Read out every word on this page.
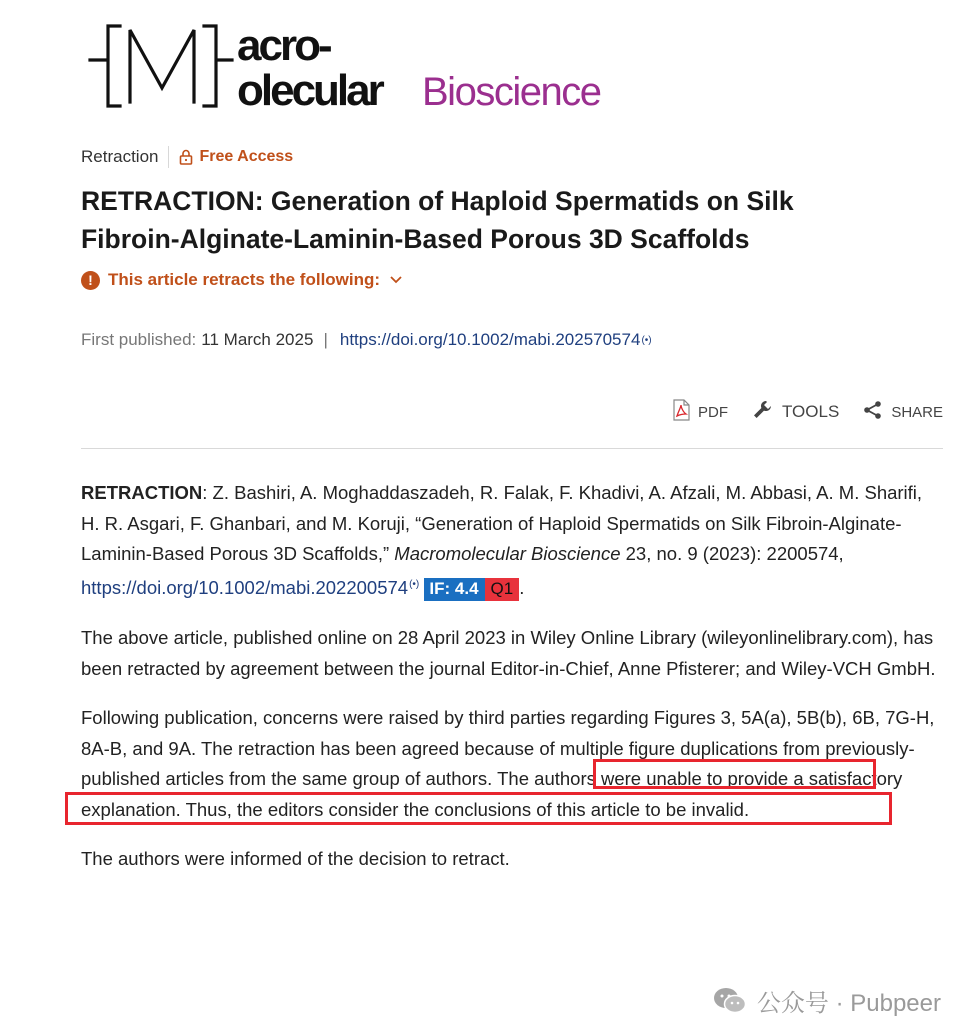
acro-
olecular Bioscience
Retraction	Free Access
RETRACTION: Generation of Haploid Spermatids on Silk Fibroin-Alginate-Laminin-Based Porous 3D Scaffolds
! This article retracts the following:
First published: 11 March 2025 | https://doi.org/10.1002/mabi.202570574 (•)
PDF	TOOLS	SHARE

RETRACTION: Z. Bashiri, A. Moghaddaszadeh, R. Falak, F. Khadivi, A. Afzali, M. Abbasi, A. M. Sharifi, H. R. Asgari, F. Ghanbari, and M. Koruji, “Generation of Haploid Spermatids on Silk Fibroin-Alginate-Laminin-Based Porous 3D Scaffolds,” Macromolecular Bioscience 23, no. 9 (2023): 2200574, https://doi.org/10.1002/mabi.202200574(•) IF: 4.4 Q1 .

The above article, published online on 28 April 2023 in Wiley Online Library (wileyonlinelibrary.com), has been retracted by agreement between the journal Editor-in-Chief, Anne Pfisterer; and Wiley-VCH GmbH.

Following publication, concerns were raised by third parties regarding Figures 3, 5A(a), 5B(b), 6B, 7G-H, 8A-B, and 9A. The retraction has been agreed because of multiple figure duplications from previously-published articles from the same group of authors. The authors were unable to provide a satisfactory explanation. Thus, the editors consider the conclusions of this article to be invalid.

The authors were informed of the decision to retract.

公众号 · Pubpeer
